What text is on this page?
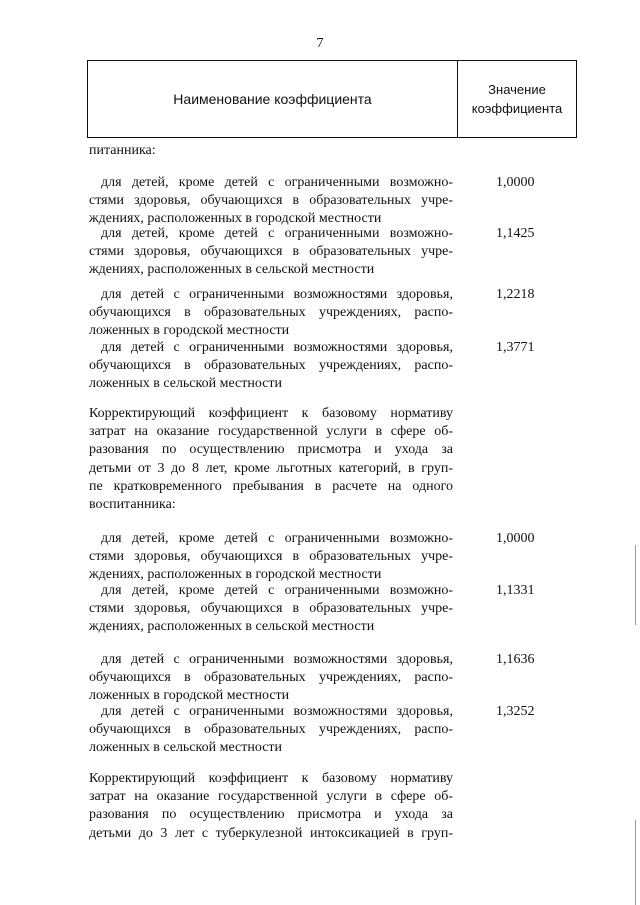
7
Наименование коэффициента
Значение
коэффициента
питанника:
для детей, кроме детей с ограниченными возможно-
стями здоровья, обучающихся в образовательных учре-
ждениях, расположенных в городской местности
1,0000
для детей, кроме детей с ограниченными возможно-
стями здоровья, обучающихся в образовательных учре-
ждениях, расположенных в сельской местности
1,1425
для детей с ограниченными возможностями здоровья,
обучающихся в образовательных учреждениях, распо-
ложенных в городской местности
1,2218
для детей с ограниченными возможностями здоровья,
обучающихся в образовательных учреждениях, распо-
ложенных в сельской местности
1,3771
Корректирующий коэффициент к базовому нормативу
затрат на оказание государственной услуги в сфере об-
разования по осуществлению присмотра и ухода за
детьми от 3 до 8 лет, кроме льготных категорий, в груп-
пе кратковременного пребывания в расчете на одного
воспитанника:
для детей, кроме детей с ограниченными возможно-
стями здоровья, обучающихся в образовательных учре-
ждениях, расположенных в городской местности
1,0000
для детей, кроме детей с ограниченными возможно-
стями здоровья, обучающихся в образовательных учре-
ждениях, расположенных в сельской местности
1,1331
для детей с ограниченными возможностями здоровья,
обучающихся в образовательных учреждениях, распо-
ложенных в городской местности
1,1636
для детей с ограниченными возможностями здоровья,
обучающихся в образовательных учреждениях, распо-
ложенных в сельской местности
1,3252
Корректирующий коэффициент к базовому нормативу
затрат на оказание государственной услуги в сфере об-
разования по осуществлению присмотра и ухода за
детьми до 3 лет с туберкулезной интоксикацией в груп-
